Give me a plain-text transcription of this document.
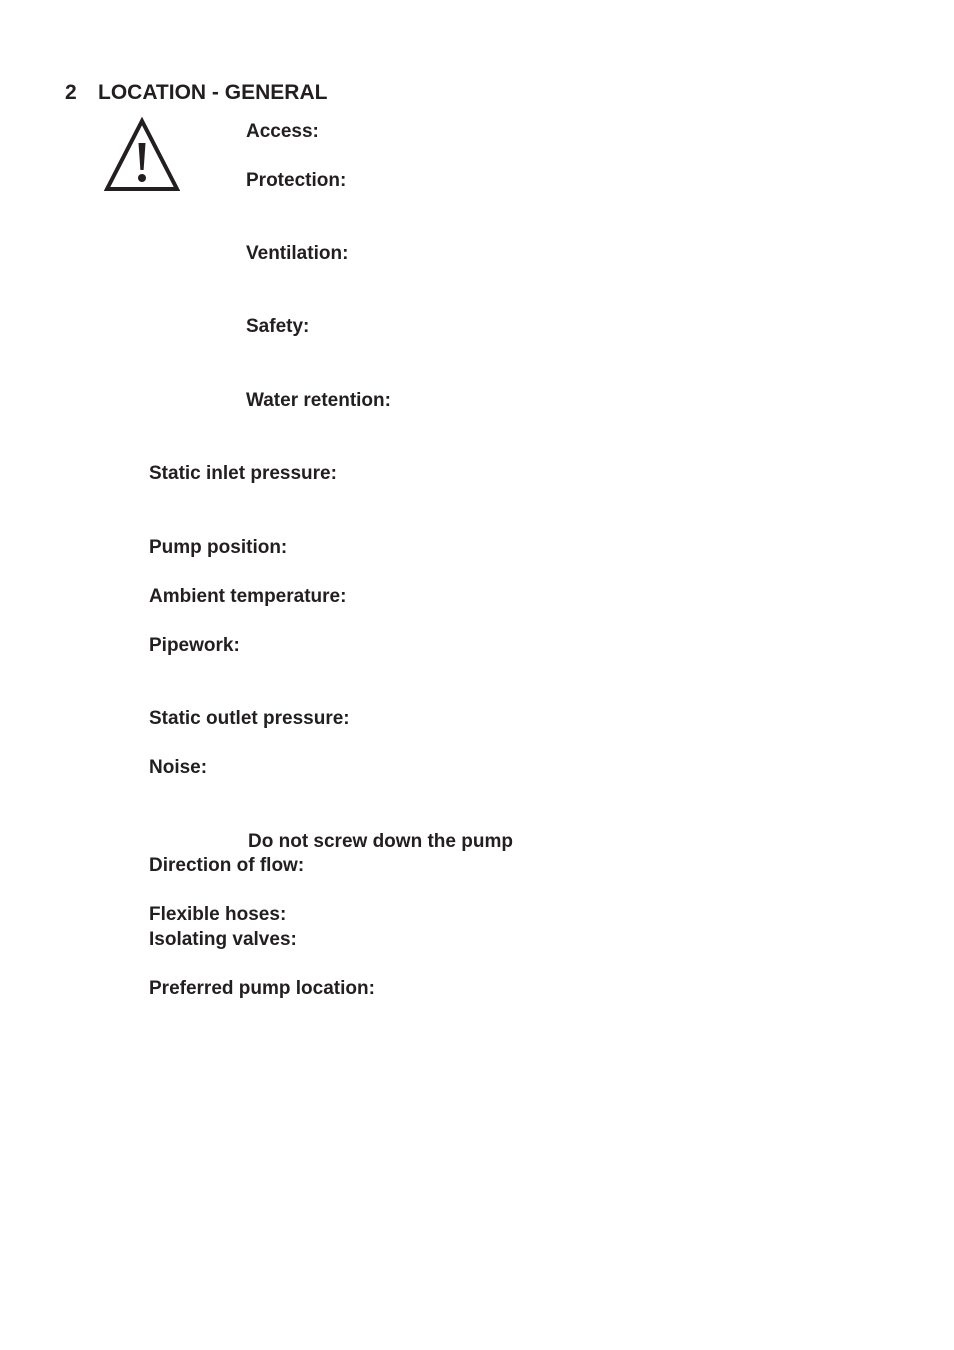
2 LOCATION - GENERAL
Access:
Protection:
Ventilation:
Safety:
Water retention:
Static inlet pressure:
Pump position:
Ambient temperature:
Pipework:
Static outlet pressure:
Noise:
Do not screw down the pump
Direction of flow:
Flexible hoses:
Isolating valves:
Preferred pump location:
